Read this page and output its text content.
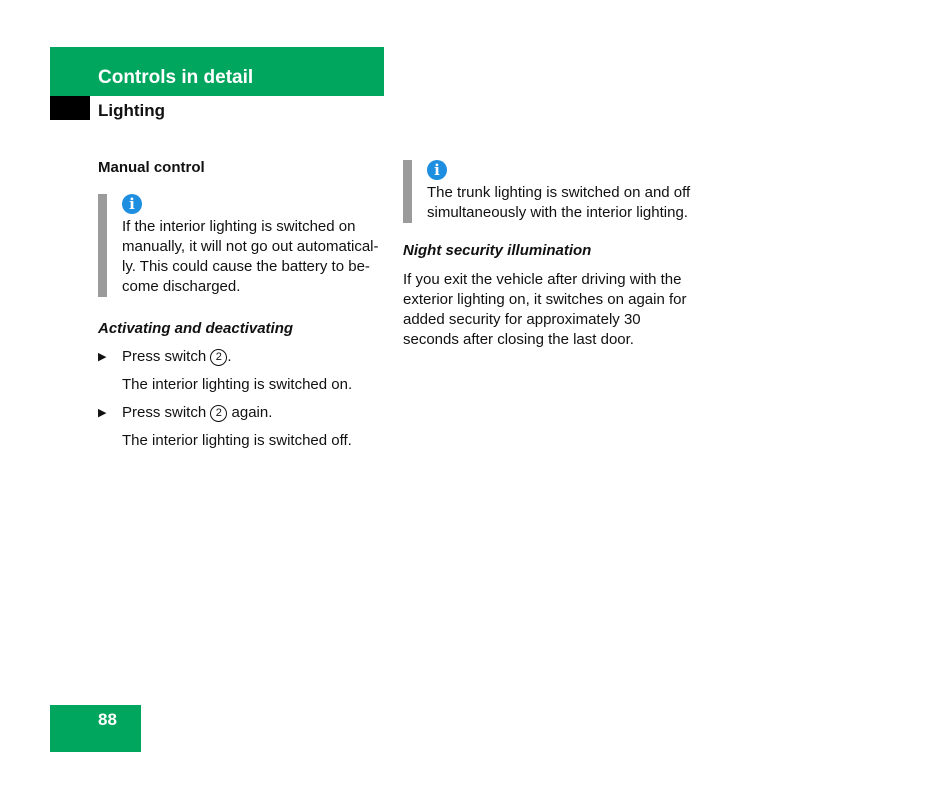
Controls in detail
Lighting

Manual control

i

If the interior lighting is switched on manually, it will not go out automatical-ly. This could cause the battery to be-come discharged.

Activating and deactivating

▶ Press switch 2 .

The interior lighting is switched on.

▶ Press switch 2 again.

The interior lighting is switched off.

i

The trunk lighting is switched on and off simultaneously with the interior lighting.

Night security illumination

If you exit the vehicle after driving with the exterior lighting on, it switches on again for added security for approximately 30 seconds after closing the last door.

88
